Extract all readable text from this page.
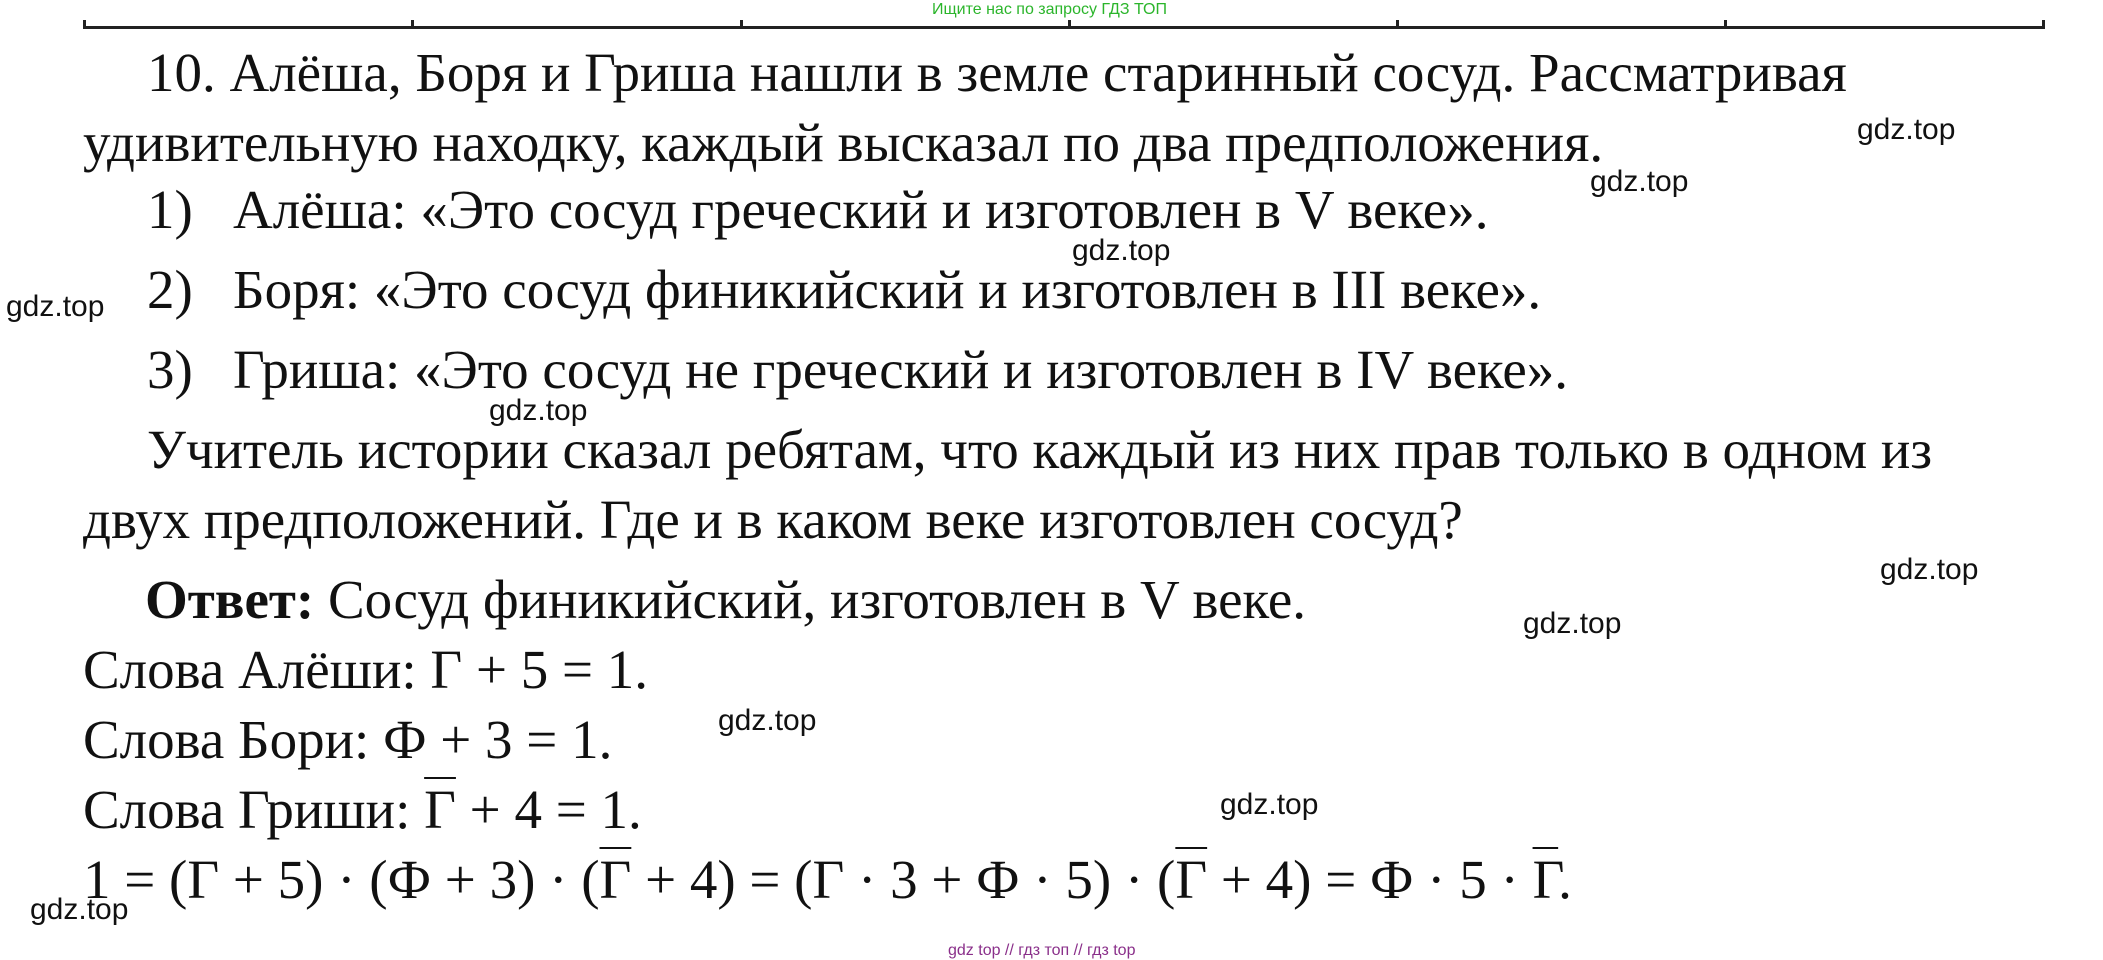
Ищите нас по запросу ГДЗ ТОП
10. Алёша, Боря и Гриша нашли в земле старинный сосуд. Рассматривая
удивительную находку, каждый высказал по два предположения.
1) Алёша: «Это сосуд греческий и изготовлен в V веке».
2) Боря: «Это сосуд финикийский и изготовлен в III веке».
3) Гриша: «Это сосуд не греческий и изготовлен в IV веке».
Учитель истории сказал ребятам, что каждый из них прав только в одном из
двух предположений. Где и в каком веке изготовлен сосуд?
Ответ: Сосуд финикийский, изготовлен в V веке.
Слова Алёши: Г + 5 = 1.
Слова Бори: Ф + 3 = 1.
Слова Гриши: Г + 4 = 1.
1 = (Г + 5) · (Ф + 3) · (Г + 4) = (Г · 3 + Ф · 5) · (Г + 4) = Ф · 5 · Г.
gdz.top
gdz.top
gdz.top
gdz.top
gdz.top
gdz.top
gdz.top
gdz.top
gdz.top
gdz.top
gdz top // гдз топ // гдз top
